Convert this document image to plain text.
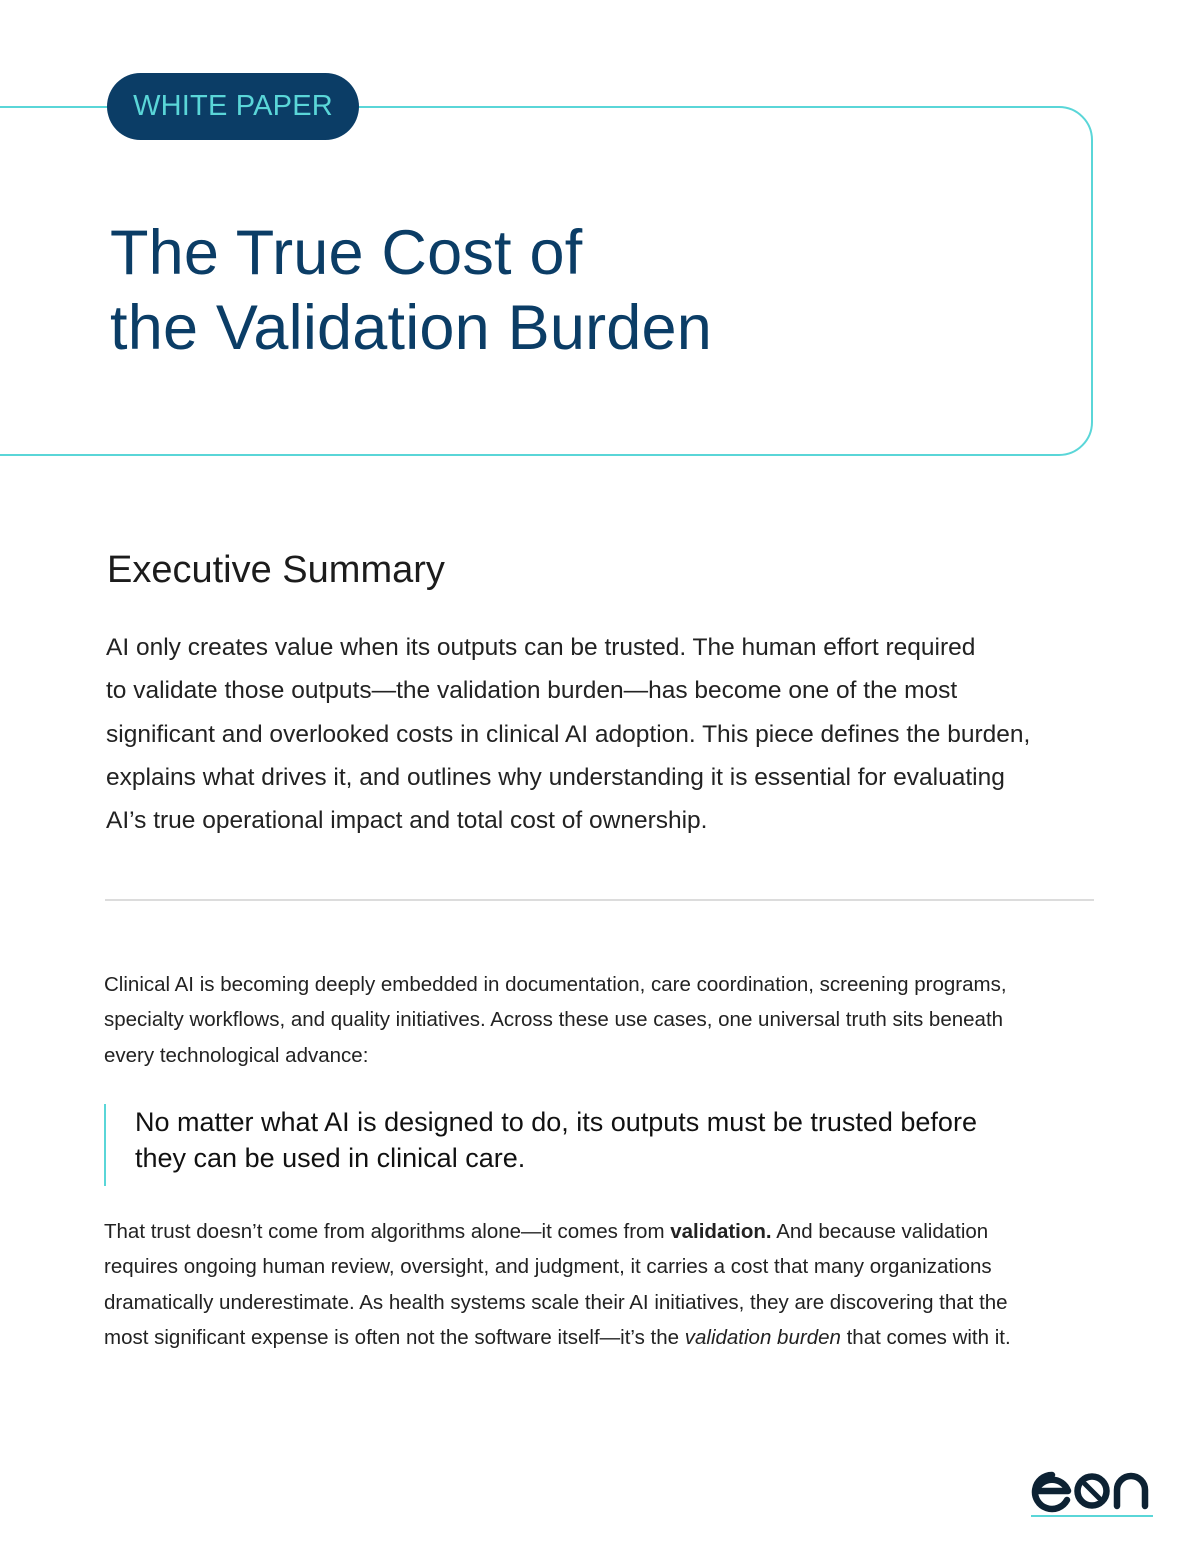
WHITE PAPER
The True Cost of
the Validation Burden
Executive Summary

AI only creates value when its outputs can be trusted. The human effort required
to validate those outputs—the validation burden—has become one of the most
significant and overlooked costs in clinical AI adoption. This piece defines the burden,
explains what drives it, and outlines why understanding it is essential for evaluating
AI’s true operational impact and total cost of ownership.

Clinical AI is becoming deeply embedded in documentation, care coordination, screening programs,
specialty workflows, and quality initiatives. Across these use cases, one universal truth sits beneath
every technological advance:

No matter what AI is designed to do, its outputs must be trusted before
they can be used in clinical care.

That trust doesn’t come from algorithms alone—it comes from validation. And because validation
requires ongoing human review, oversight, and judgment, it carries a cost that many organizations
dramatically underestimate. As health systems scale their AI initiatives, they are discovering that the
most significant expense is often not the software itself—it’s the validation burden that comes with it.
